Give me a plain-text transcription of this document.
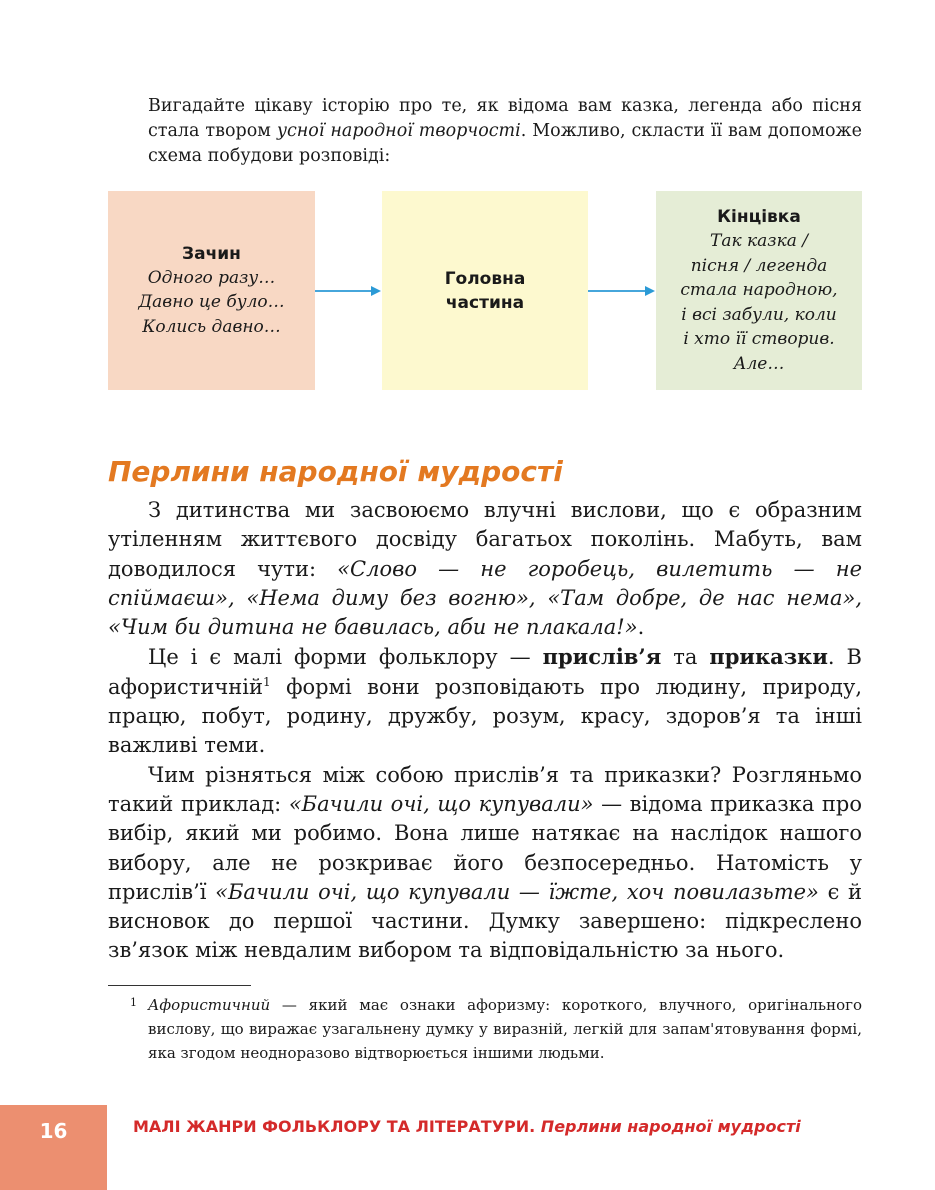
Вигадайте цікаву історію про те, як відома вам казка, легенда або пісня стала твором усної народної творчості. Можливо, скласти її вам допоможе схема побудови розповіді:
Зачин
Одного разу…
Давно це було…
Колись давно…
Головна
частина
Кінцівка
Так казка /
пісня / легенда
стала народною,
і всі забули, коли
і хто її створив.
Але…
Перлини народної мудрості

З дитинства ми засвоюємо влучні вислови, що є образним утіленням життєвого досвіду багатьох поколінь. Мабуть, вам доводилося чути: «Слово — не горобець, вилетить — не спіймаєш», «Нема диму без вогню», «Там добре, де нас нема», «Чим би дитина не бавилась, аби не плакала!».

Це і є малі форми фольклору — прислів’я та приказки. В афористичній$^1$ формі вони розповідають про людину, природу, працю, побут, родину, дружбу, розум, красу, здоров’я та інші важливі теми.

Чим різняться між собою прислів’я та приказки? Розгляньмо такий приклад: «Бачили очі, що купували» — відома приказка про вибір, який ми робимо. Вона лише натякає на наслідок нашого вибору, але не розкриває його безпосередньо. Натомість у прислів’ї «Бачили очі, що купували — їжте, хоч повилазьте» є й висновок до першої частини. Думку завершено: підкреслено зв’язок між невдалим вибором та відповідальністю за нього.

1 Афористичний — який має ознаки афоризму: короткого, влучного, оригінального вислову, що виражає узагальнену думку у виразній, легкій для запам'ятовування формі, яка згодом неодноразово відтворюється іншими людьми.
16	МАЛІ ЖАНРИ ФОЛЬКЛОРУ ТА ЛІТЕРАТУРИ. Перлини народної мудрості
